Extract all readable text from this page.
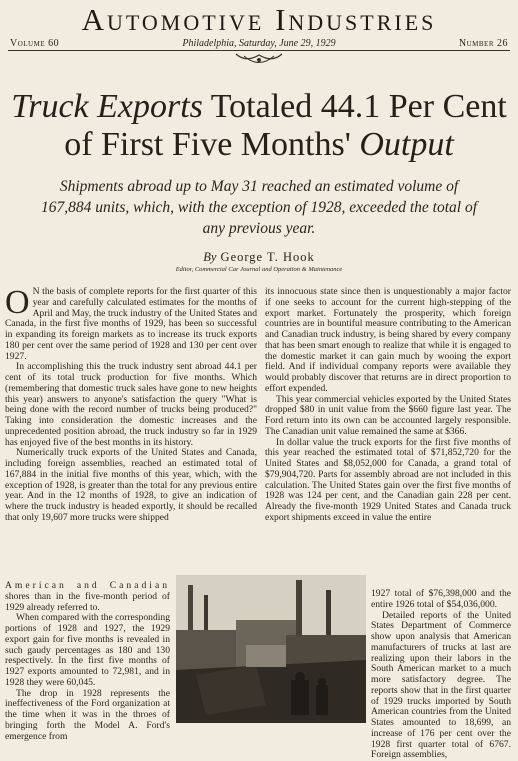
Automotive Industries
Volume 60	Philadelphia, Saturday, June 29, 1929	Number 26
Truck Exports Totaled 44.1 Per Cent
of First Five Months' Output
Shipments abroad up to May 31 reached an estimated volume of 167,884 units, which, with the exception of 1928, exceeded the total of any previous year.
By George T. Hook
Editor, Commercial Car Journal and Operation & Maintenance

O N the basis of complete reports for the first quarter of this year and carefully calculated estimates for the months of April and May, the truck industry of the United States and Canada, in the first five months of 1929, has been so successful in expanding its foreign markets as to increase its truck exports 180 per cent over the same period of 1928 and 130 per cent over 1927.

In accomplishing this the truck industry sent abroad 44.1 per cent of its total truck production for five months. Which (remembering that domestic truck sales have gone to new heights this year) answers to anyone's satisfaction the query "What is being done with the record number of trucks being produced?" Taking into consideration the domestic increases and the unprecedented position abroad, the truck industry so far in 1929 has enjoyed five of the best months in its history.

Numerically truck exports of the United States and Canada, including foreign assemblies, reached an estimated total of 167,884 in the initial five months of this year, which, with the exception of 1928, is greater than the total for any previous entire year. And in the 12 months of 1928, to give an indication of where the truck industry is headed exportly, it should be recalled that only 19,607 more trucks were shipped

American and Canadian shores than in the five-month period of 1929 already referred to.

When compared with the corresponding portions of 1928 and 1927, the 1929 export gain for five months is revealed in such gaudy percentages as 180 and 130 respectively. In the first five months of 1927 exports amounted to 72,981, and in 1928 they were 60,045.

The drop in 1928 represents the ineffectiveness of the Ford organization at the time when it was in the throes of bringing forth the Model A. Ford's emergence from

its innocuous state since then is unquestionably a major factor if one seeks to account for the current high-stepping of the export market. Fortunately the prosperity, which foreign countries are in bountiful measure contributing to the American and Canadian truck industry, is being shared by every company that has been smart enough to realize that while it is engaged to the domestic market it can gain much by wooing the export field. And if individual company reports were available they would probably discover that returns are in direct proportion to effort expended.

This year commercial vehicles exported by the United States dropped $80 in unit value from the $660 figure last year. The Ford return into its own can be accounted largely responsible. The Canadian unit value remained the same at $366.

In dollar value the truck exports for the first five months of this year reached the estimated total of $71,852,720 for the United States and $8,052,000 for Canada, a grand total of $79,904,720. Parts for assembly abroad are not included in this calculation. The United States gain over the first five months of 1928 was 124 per cent, and the Canadian gain 228 per cent. Already the five-month 1929 United States and Canada truck export shipments exceed in value the entire

1927 total of $76,398,000 and the entire 1926 total of $54,036,000.

Detailed reports of the United States Department of Commerce show upon analysis that American manufacturers of trucks at last are realizing upon their labors in the South American market to a much more satisfactory degree. The reports show that in the first quarter of 1929 trucks imported by South American countries from the United States amounted to 18,699, an increase of 176 per cent over the 1928 first quarter total of 6767. Foreign assemblies,
